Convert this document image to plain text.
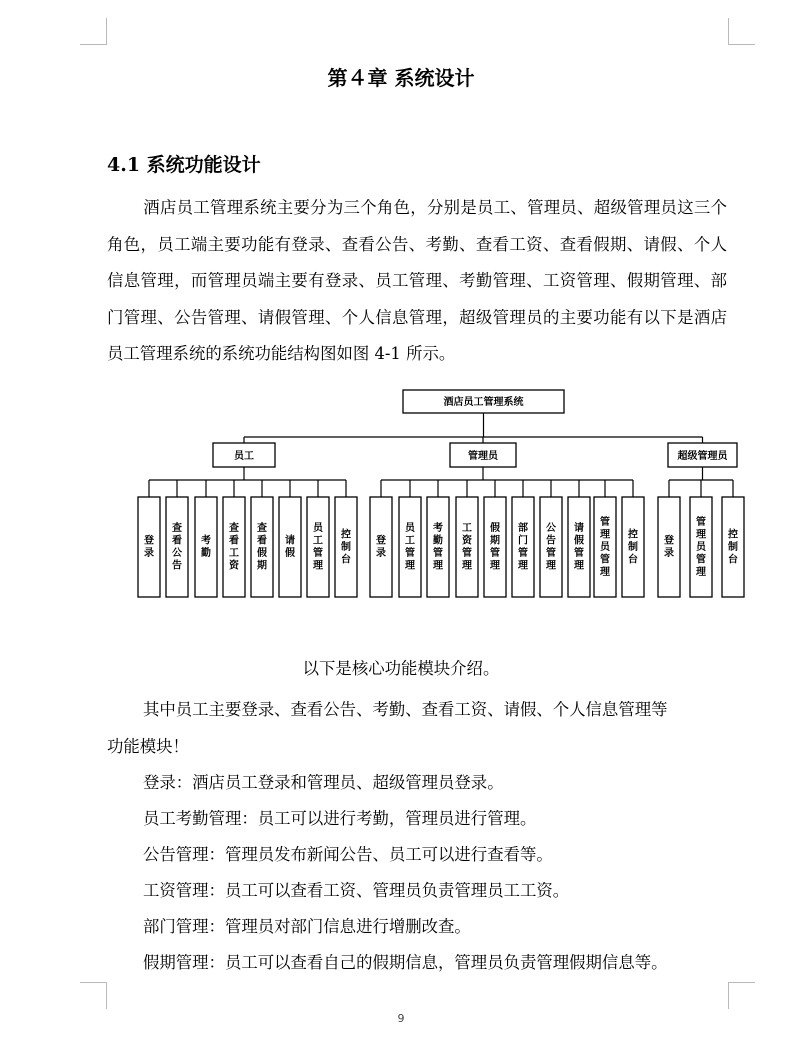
第４章 系统设计
4.1 系统功能设计

酒店员工管理系统主要分为三个角色，分别是员工、管理员、超级管理员这三个角色，员工端主要功能有登录、查看公告、考勤、查看工资、查看假期、请假、个人信息管理，而管理员端主要有登录、员工管理、考勤管理、工资管理、假期管理、部门管理、公告管理、请假管理、个人信息管理，超级管理员的主要功能有以下是酒店员工管理系统的系统功能结构图如图 4-1 所示。

酒店员工管理系统
员工
登录
查看公告
考勤
查看工资
查看假期
请假
员工管理
控制台
管理员
登录
员工管理
考勤管理
工资管理
假期管理
部门管理
公告管理
请假管理
管理员管理
控制台
超级管理员
登录
管理员管理
控制台
以下是核心功能模块介绍。
其中员工主要登录、查看公告、考勤、查看工资、请假、个人信息管理等
功能模块！
登录：酒店员工登录和管理员、超级管理员登录。
员工考勤管理：员工可以进行考勤，管理员进行管理。
公告管理：管理员发布新闻公告、员工可以进行查看等。
工资管理：员工可以查看工资、管理员负责管理员工工资。
部门管理：管理员对部门信息进行增删改查。
假期管理：员工可以查看自己的假期信息，管理员负责管理假期信息等。
9
